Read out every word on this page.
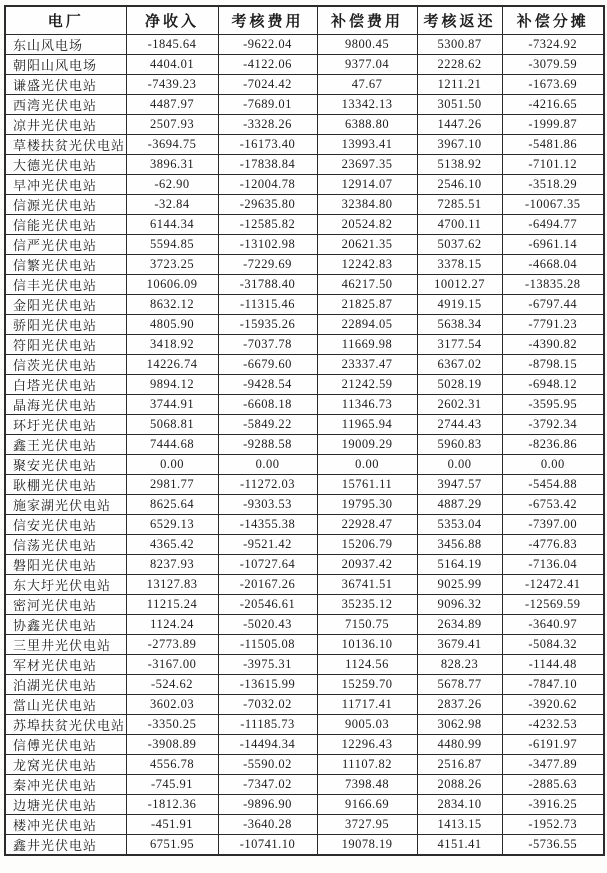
电厂	净收入	考核费用	补偿费用	考核返还	补偿分摊
东山风电场	-1845.64	-9622.04	9800.45	5300.87	-7324.92
朝阳山风电场	4404.01	-4122.06	9377.04	2228.62	-3079.59
谦盛光伏电站	-7439.23	-7024.42	47.67	1211.21	-1673.69
西湾光伏电站	4487.97	-7689.01	13342.13	3051.50	-4216.65
凉井光伏电站	2507.93	-3328.26	6388.80	1447.26	-1999.87
草楼扶贫光伏电站	-3694.75	-16173.40	13993.41	3967.10	-5481.86
大德光伏电站	3896.31	-17838.84	23697.35	5138.92	-7101.12
早冲光伏电站	-62.90	-12004.78	12914.07	2546.10	-3518.29
信源光伏电站	-32.84	-29635.80	32384.80	7285.51	-10067.35
信能光伏电站	6144.34	-12585.82	20524.82	4700.11	-6494.77
信严光伏电站	5594.85	-13102.98	20621.35	5037.62	-6961.14
信繁光伏电站	3723.25	-7229.69	12242.83	3378.15	-4668.04
信丰光伏电站	10606.09	-31788.40	46217.50	10012.27	-13835.28
金阳光伏电站	8632.12	-11315.46	21825.87	4919.15	-6797.44
骄阳光伏电站	4805.90	-15935.26	22894.05	5638.34	-7791.23
符阳光伏电站	3418.92	-7037.78	11669.98	3177.54	-4390.82
信茨光伏电站	14226.74	-6679.60	23337.47	6367.02	-8798.15
白塔光伏电站	9894.12	-9428.54	21242.59	5028.19	-6948.12
晶海光伏电站	3744.91	-6608.18	11346.73	2602.31	-3595.95
环圩光伏电站	5068.81	-5849.22	11965.94	2744.43	-3792.34
鑫王光伏电站	7444.68	-9288.58	19009.29	5960.83	-8236.86
聚安光伏电站	0.00	0.00	0.00	0.00	0.00
耿棚光伏电站	2981.77	-11272.03	15761.11	3947.57	-5454.88
施家湖光伏电站	8625.64	-9303.53	19795.30	4887.29	-6753.42
信安光伏电站	6529.13	-14355.38	22928.47	5353.04	-7397.00
信荡光伏电站	4365.42	-9521.42	15206.79	3456.88	-4776.83
磐阳光伏电站	8237.93	-10727.64	20937.42	5164.19	-7136.04
东大圩光伏电站	13127.83	-20167.26	36741.51	9025.99	-12472.41
密河光伏电站	11215.24	-20546.61	35235.12	9096.32	-12569.59
协鑫光伏电站	1124.24	-5020.43	7150.75	2634.89	-3640.97
三里井光伏电站	-2773.89	-11505.08	10136.10	3679.41	-5084.32
军材光伏电站	-3167.00	-3975.31	1124.56	828.23	-1144.48
泊湖光伏电站	-524.62	-13615.99	15259.70	5678.77	-7847.10
當山光伏电站	3602.03	-7032.02	11717.41	2837.26	-3920.62
苏埠扶贫光伏电站	-3350.25	-11185.73	9005.03	3062.98	-4232.53
信傅光伏电站	-3908.89	-14494.34	12296.43	4480.99	-6191.97
龙窝光伏电站	4556.78	-5590.02	11107.82	2516.87	-3477.89
秦冲光伏电站	-745.91	-7347.02	7398.48	2088.26	-2885.63
边塘光伏电站	-1812.36	-9896.90	9166.69	2834.10	-3916.25
楼冲光伏电站	-451.91	-3640.28	3727.95	1413.15	-1952.73
鑫井光伏电站	6751.95	-10741.10	19078.19	4151.41	-5736.55
